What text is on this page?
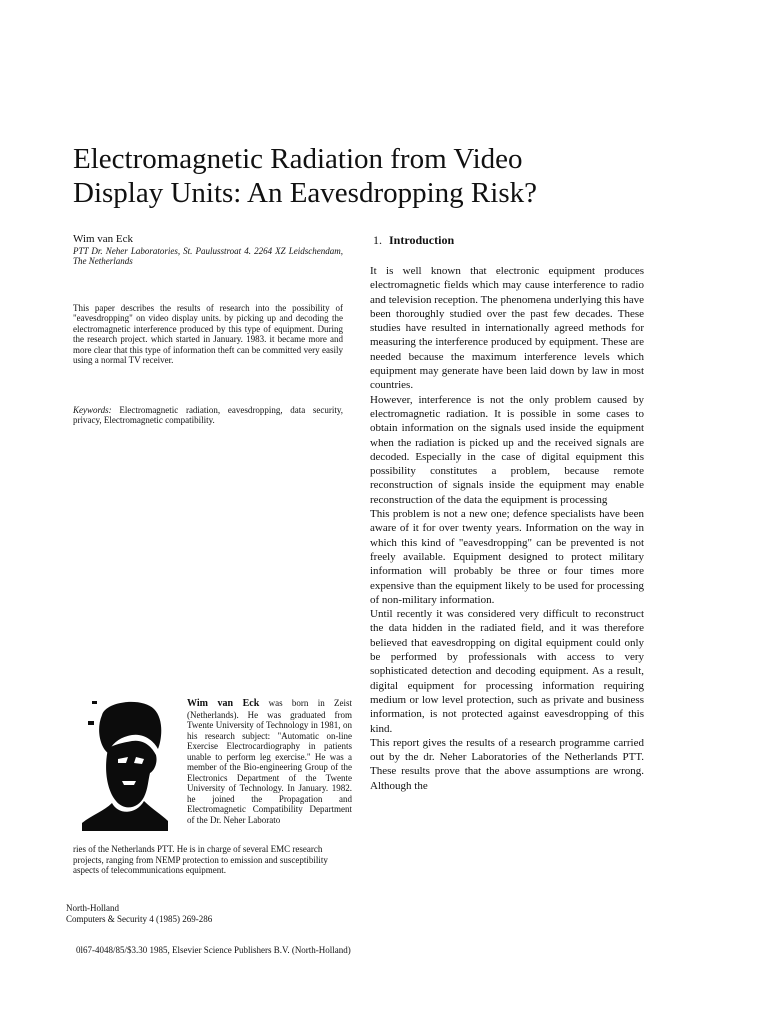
Electromagnetic Radiation from Video
Display Units: An Eavesdropping Risk?
Wim van Eck
PTT Dr. Neher Laboratories, St. Paulusstroat 4. 2264 XZ Leidschendam, The Netherlands

This paper describes the results of research into the possibility of "eavesdropping" on video display units. by picking up and decoding the electromagnetic interference produced by this type of equipment. During the research project. which started in January. 1983. it became more and more clear that this type of information theft can be committed very easily using a normal TV receiver.

Keywords: Electromagnetic radiation, eavesdropping, data security, privacy, Electromagnetic compatibility.

Wim van Eck was born in Zeist (Netherlands). He was graduated from Twente University of Technology in 1981, on his research subject: "Automatic on-line Exercise Electrocardiography in patients unable to perform leg exercise." He was a member of the Bio-engineering Group of the Electronics Department of the Twente University of Technology. In January. 1982. he joined the Propagation and Electromagnetic Compatibility Department of the Dr. Neher Laborato

ries of the Netherlands PTT. He is in charge of several EMC research projects, ranging from NEMP protection to emission and susceptibility aspects of telecommunications equipment.

North-Holland
Computers & Security 4 (1985) 269-286
0l67-4048/85/$3.30 1985, Elsevier Science Publishers B.V. (North-Holland)
1. Introduction

It is well known that electronic equipment produces electromagnetic fields which may cause interference to radio and television reception. The phenomena underlying this have been thoroughly studied over the past few decades. These studies have resulted in internationally agreed methods for measuring the interference produced by equipment. These are needed because the maximum interference levels which equipment may generate have been laid down by law in most countries.

However, interference is not the only problem caused by electromagnetic radiation. It is possible in some cases to obtain information on the signals used inside the equipment when the radiation is picked up and the received signals are decoded. Especially in the case of digital equipment this possibility constitutes a problem, because remote reconstruction of signals inside the equipment may enable reconstruction of the data the equipment is processing

This problem is not a new one; defence specialists have been aware of it for over twenty years. Information on the way in which this kind of "eavesdropping" can be prevented is not freely available. Equipment designed to protect military information will probably be three or four times more expensive than the equipment likely to be used for processing of non-military information.

Until recently it was considered very difficult to reconstruct the data hidden in the radiated field, and it was therefore believed that eavesdropping on digital equipment could only be performed by professionals with access to very sophisticated detection and decoding equipment. As a result, digital equipment for processing information requiring medium or low level protection, such as private and business information, is not protected against eavesdropping of this kind.

This report gives the results of a research programme carried out by the dr. Neher Laboratories of the Netherlands PTT. These results prove that the above assumptions are wrong. Although the
